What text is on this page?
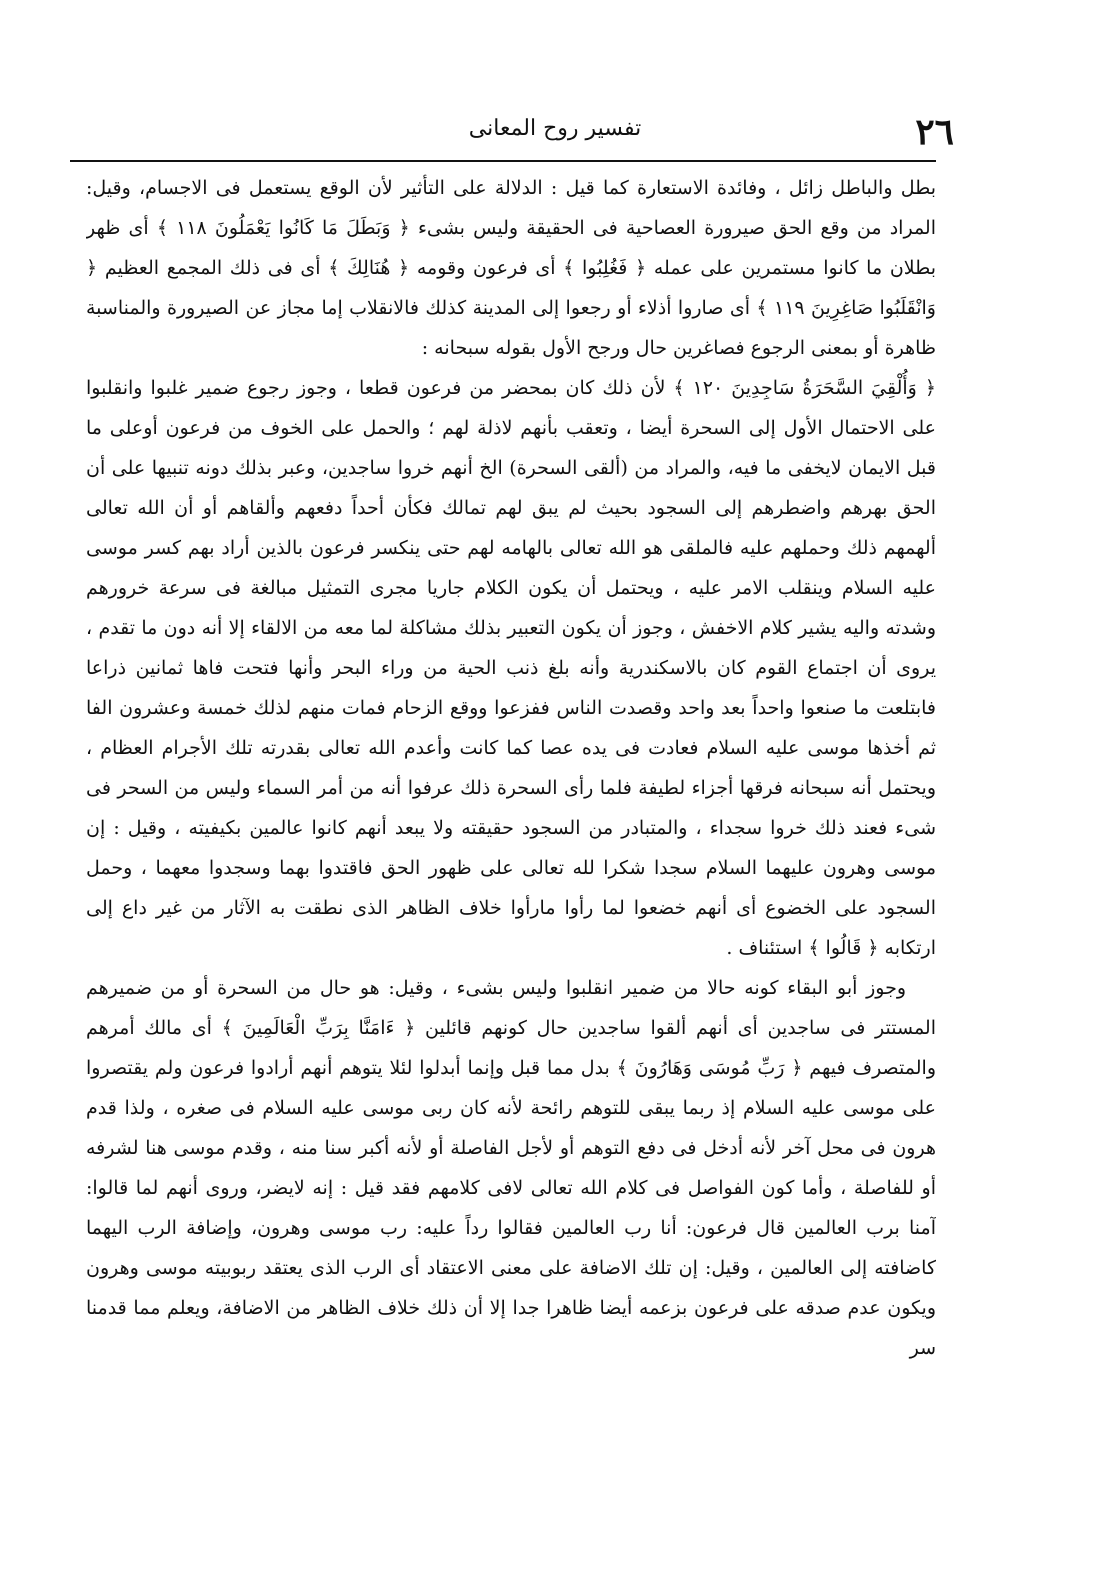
٢٦
تفسير روح المعانى

بطل والباطل زائل ، وفائدة الاستعارة كما قيل : الدلالة على التأثير لأن الوقع يستعمل فى الاجسام، وقيل: المراد من وقع الحق صيرورة العصاحية فى الحقيقة وليس بشىء ﴿ وَبَطَلَ مَا كَانُوا يَعْمَلُونَ ١١٨ ﴾ أى ظهر بطلان ما كانوا مستمرين على عمله ﴿ فَغُلِبُوا ﴾ أى فرعون وقومه ﴿ هُنَالِكَ ﴾ أى فى ذلك المجمع العظيم ﴿ وَانْقَلَبُوا صَاغِرِينَ ١١٩ ﴾ أى صاروا أذلاء أو رجعوا إلى المدينة كذلك فالانقلاب إما مجاز عن الصيرورة والمناسبة ظاهرة أو بمعنى الرجوع فصاغرين حال ورجح الأول بقوله سبحانه :

﴿ وَأُلْقِيَ السَّحَرَةُ سَاجِدِينَ ١٢٠ ﴾ لأن ذلك كان بمحضر من فرعون قطعا ، وجوز رجوع ضمير غلبوا وانقلبوا على الاحتمال الأول إلى السحرة أيضا ، وتعقب بأنهم لاذلة لهم ؛ والحمل على الخوف من فرعون أوعلى ما قبل الايمان لايخفى ما فيه، والمراد من (ألقى السحرة) الخ أنهم خروا ساجدين، وعبر بذلك دونه تنبيها على أن الحق بهرهم واضطرهم إلى السجود بحيث لم يبق لهم تمالك فكأن أحداً دفعهم وألقاهم أو أن الله تعالى ألهمهم ذلك وحملهم عليه فالملقى هو الله تعالى بالهامه لهم حتى ينكسر فرعون بالذين أراد بهم كسر موسى عليه السلام وينقلب الامر عليه ، ويحتمل أن يكون الكلام جاريا مجرى التمثيل مبالغة فى سرعة خرورهم وشدته واليه يشير كلام الاخفش ، وجوز أن يكون التعبير بذلك مشاكلة لما معه من الالقاء إلا أنه دون ما تقدم ، يروى أن اجتماع القوم كان بالاسكندرية وأنه بلغ ذنب الحية من وراء البحر وأنها فتحت فاها ثمانين ذراعا فابتلعت ما صنعوا واحداً بعد واحد وقصدت الناس ففزعوا ووقع الزحام فمات منهم لذلك خمسة وعشرون الفا ثم أخذها موسى عليه السلام فعادت فى يده عصا كما كانت وأعدم الله تعالى بقدرته تلك الأجرام العظام ، ويحتمل أنه سبحانه فرقها أجزاء لطيفة فلما رأى السحرة ذلك عرفوا أنه من أمر السماء وليس من السحر فى شىء فعند ذلك خروا سجداء ، والمتبادر من السجود حقيقته ولا يبعد أنهم كانوا عالمين بكيفيته ، وقيل : إن موسى وهرون عليهما السلام سجدا شكرا لله تعالى على ظهور الحق فاقتدوا بهما وسجدوا معهما ، وحمل السجود على الخضوع أى أنهم خضعوا لما رأوا مارأوا خلاف الظاهر الذى نطقت به الآثار من غير داع إلى ارتكابه ﴿ قَالُوا ﴾ استئناف .

وجوز أبو البقاء كونه حالا من ضمير انقلبوا وليس بشىء ، وقيل: هو حال من السحرة أو من ضميرهم المستتر فى ساجدين أى أنهم ألقوا ساجدين حال كونهم قائلين ﴿ ءَامَنَّا بِرَبِّ الْعَالَمِينَ ﴾ أى مالك أمرهم والمتصرف فيهم ﴿ رَبِّ مُوسَى وَهَارُونَ ﴾ بدل مما قبل وإنما أبدلوا لئلا يتوهم أنهم أرادوا فرعون ولم يقتصروا على موسى عليه السلام إذ ربما يبقى للتوهم رائحة لأنه كان ربى موسى عليه السلام فى صغره ، ولذا قدم هرون فى محل آخر لأنه أدخل فى دفع التوهم أو لأجل الفاصلة أو لأنه أكبر سنا منه ، وقدم موسى هنا لشرفه أو للفاصلة ، وأما كون الفواصل فى كلام الله تعالى لافى كلامهم فقد قيل : إنه لايضر، وروى أنهم لما قالوا: آمنا برب العالمين قال فرعون: أنا رب العالمين فقالوا رداً عليه: رب موسى وهرون، وإضافة الرب اليهما كاضافته إلى العالمين ، وقيل: إن تلك الاضافة على معنى الاعتقاد أى الرب الذى يعتقد ربوبيته موسى وهرون ويكون عدم صدقه على فرعون بزعمه أيضا ظاهرا جدا إلا أن ذلك خلاف الظاهر من الاضافة، ويعلم مما قدمنا سر
